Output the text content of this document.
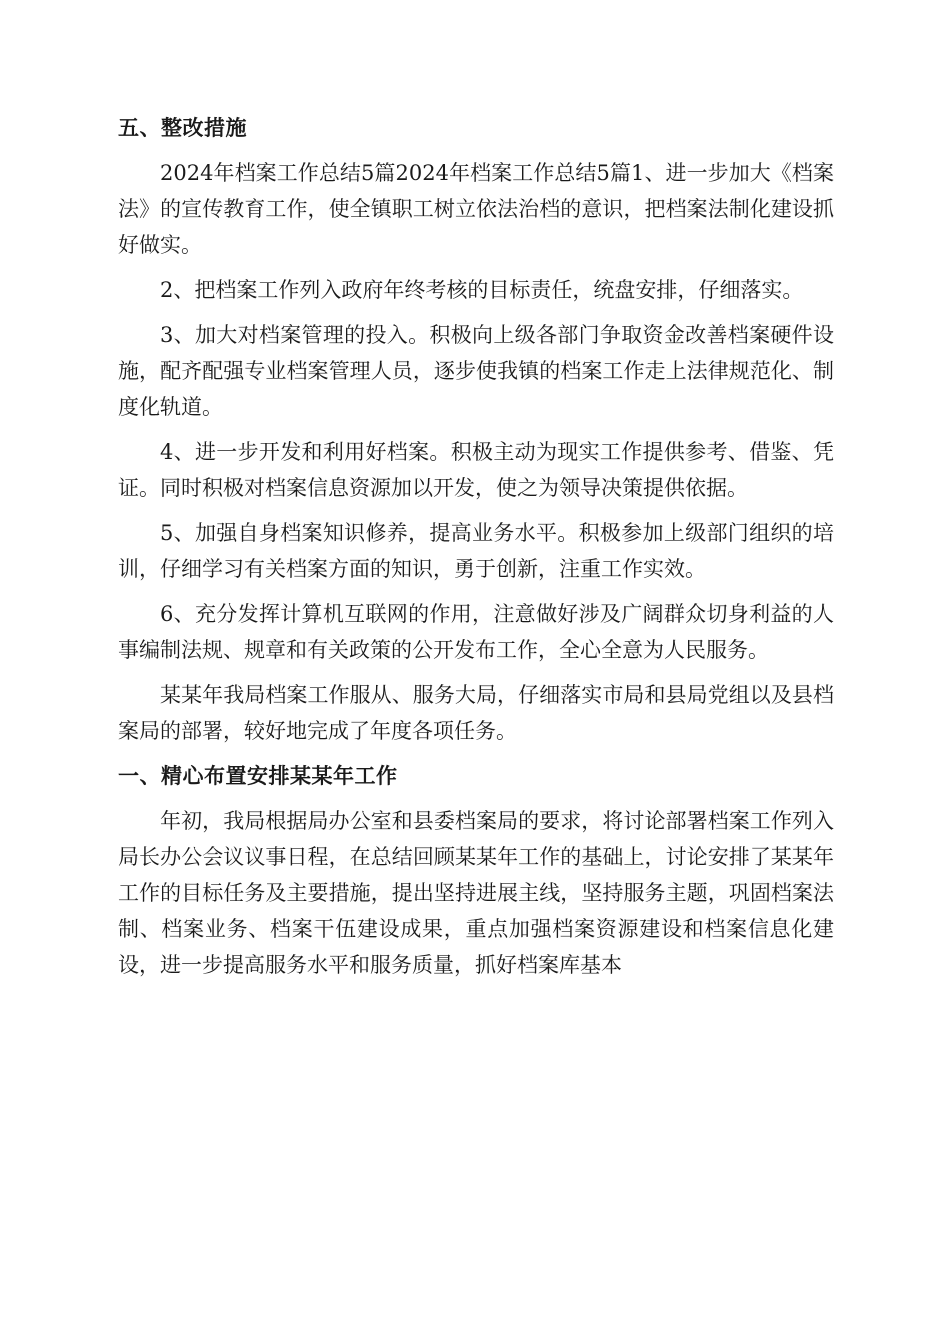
五、整改措施

2024年档案工作总结5篇2024年档案工作总结5篇1、进一步加大《档案法》的宣传教育工作，使全镇职工树立依法治档的意识，把档案法制化建设抓好做实。

2、把档案工作列入政府年终考核的目标责任，统盘安排，仔细落实。

3、加大对档案管理的投入。积极向上级各部门争取资金改善档案硬件设施，配齐配强专业档案管理人员，逐步使我镇的档案工作走上法律规范化、制度化轨道。

4、进一步开发和利用好档案。积极主动为现实工作提供参考、借鉴、凭证。同时积极对档案信息资源加以开发，使之为领导决策提供依据。

5、加强自身档案知识修养，提高业务水平。积极参加上级部门组织的培训，仔细学习有关档案方面的知识，勇于创新，注重工作实效。

6、充分发挥计算机互联网的作用，注意做好涉及广阔群众切身利益的人事编制法规、规章和有关政策的公开发布工作，全心全意为人民服务。

某某年我局档案工作服从、服务大局，仔细落实市局和县局党组以及县档案局的部署，较好地完成了年度各项任务。

一、精心布置安排某某年工作

年初，我局根据局办公室和县委档案局的要求，将讨论部署档案工作列入局长办公会议议事日程，在总结回顾某某年工作的基础上，讨论安排了某某年工作的目标任务及主要措施，提出坚持进展主线，坚持服务主题，巩固档案法制、档案业务、档案干伍建设成果，重点加强档案资源建设和档案信息化建设，进一步提高服务水平和服务质量，抓好档案库基本
